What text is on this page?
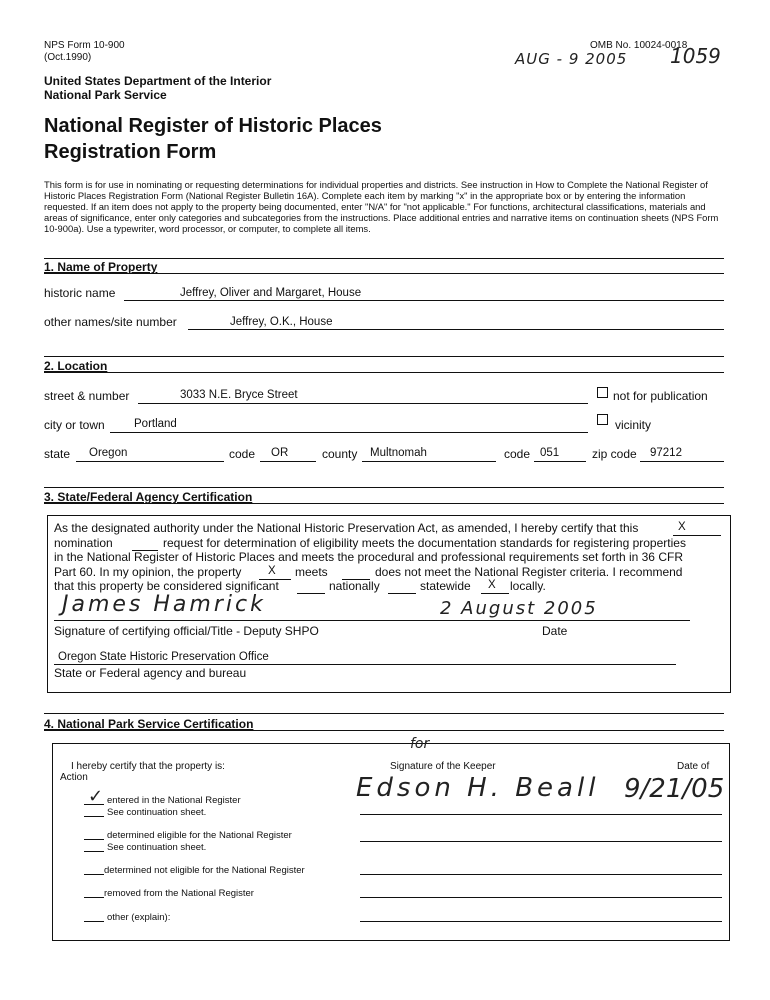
NPS Form 10-900
(Oct.1990)
OMB No. 10024-0018
AUG - 9 2005 1059
United States Department of the Interior
National Park Service
National Register of Historic Places
Registration Form
This form is for use in nominating or requesting determinations for individual properties and districts. See instruction in How to Complete the National Register of Historic Places Registration Form (National Register Bulletin 16A). Complete each item by marking "x" in the appropriate box or by entering the information requested. If an item does not apply to the property being documented, enter "N/A" for "not applicable." For functions, architectural classifications, materials and areas of significance, enter only categories and subcategories from the instructions. Place additional entries and narrative items on continuation sheets (NPS Form 10-900a). Use a typewriter, word processor, or computer, to complete all items.
1. Name of Property
historic name	Jeffrey, Oliver and Margaret, House
other names/site number	Jeffrey, O.K., House
2. Location
street & number	3033 N.E. Bryce Street	not for publication
city or town	Portland	vicinity
state Oregon	code OR	county Multnomah	code 051	zip code 97212
3. State/Federal Agency Certification
As the designated authority under the National Historic Preservation Act, as amended, I hereby certify that this	X
nomination	request for determination of eligibility meets the documentation standards for registering properties
in the National Register of Historic Places and meets the procedural and professional requirements set forth in 36 CFR
Part 60. In my opinion, the property X meets	does not meet the National Register criteria. I recommend
that this property be considered significant	nationally	statewide X locally.
James Hamrick	2 August 2005
Signature of certifying official/Title - Deputy SHPO	Date
Oregon State Historic Preservation Office
State or Federal agency and bureau
4. National Park Service Certification
I hereby certify that the property is:
Action
Signature of the Keeper	Date of
for
Edson H. Beall 9/21/05
✓ entered in the National Register
See continuation sheet.
determined eligible for the National Register
See continuation sheet.
determined not eligible for the National Register
removed from the National Register
other (explain):
